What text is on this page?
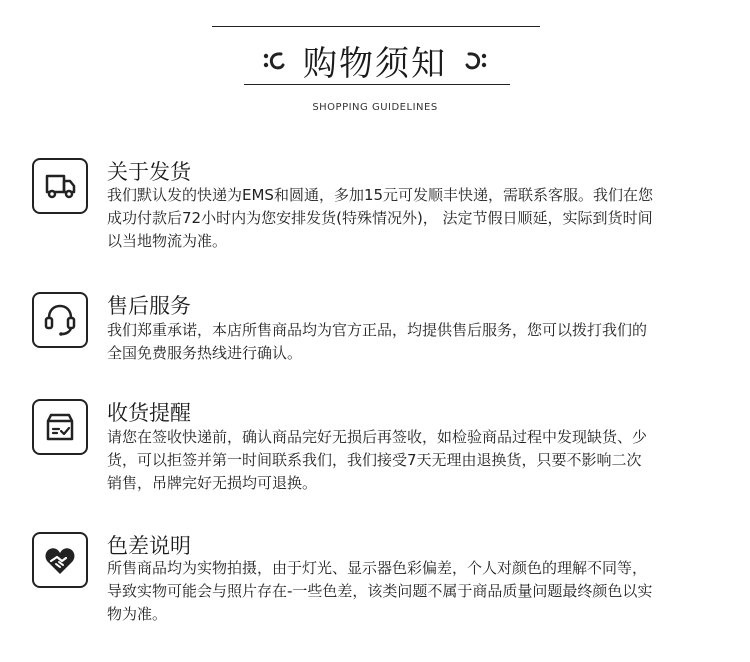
购物须知
SHOPPING GUIDELINES
关于发货
我们默认发的快递为EMS和圆通，多加15元可发顺丰快递，需联系客服。我们在您
成功付款后72小时内为您安排发货(特殊情况外)， 法定节假日顺延，实际到货时间
以当地物流为准。
售后服务
我们郑重承诺，本店所售商品均为官方正品，均提供售后服务，您可以拨打我们的
全国免费服务热线进行确认。
收货提醒
请您在签收快递前，确认商品完好无损后再签收，如检验商品过程中发现缺货、少
货，可以拒签并第一时间联系我们，我们接受7天无理由退换货，只要不影响二次
销售，吊牌完好无损均可退换。
色差说明
所售商品均为实物拍摄，由于灯光、显示器色彩偏差，个人对颜色的理解不同等，
导致实物可能会与照片存在-一些色差，该类问题不属于商品质量问题最终颜色以实
物为准。
